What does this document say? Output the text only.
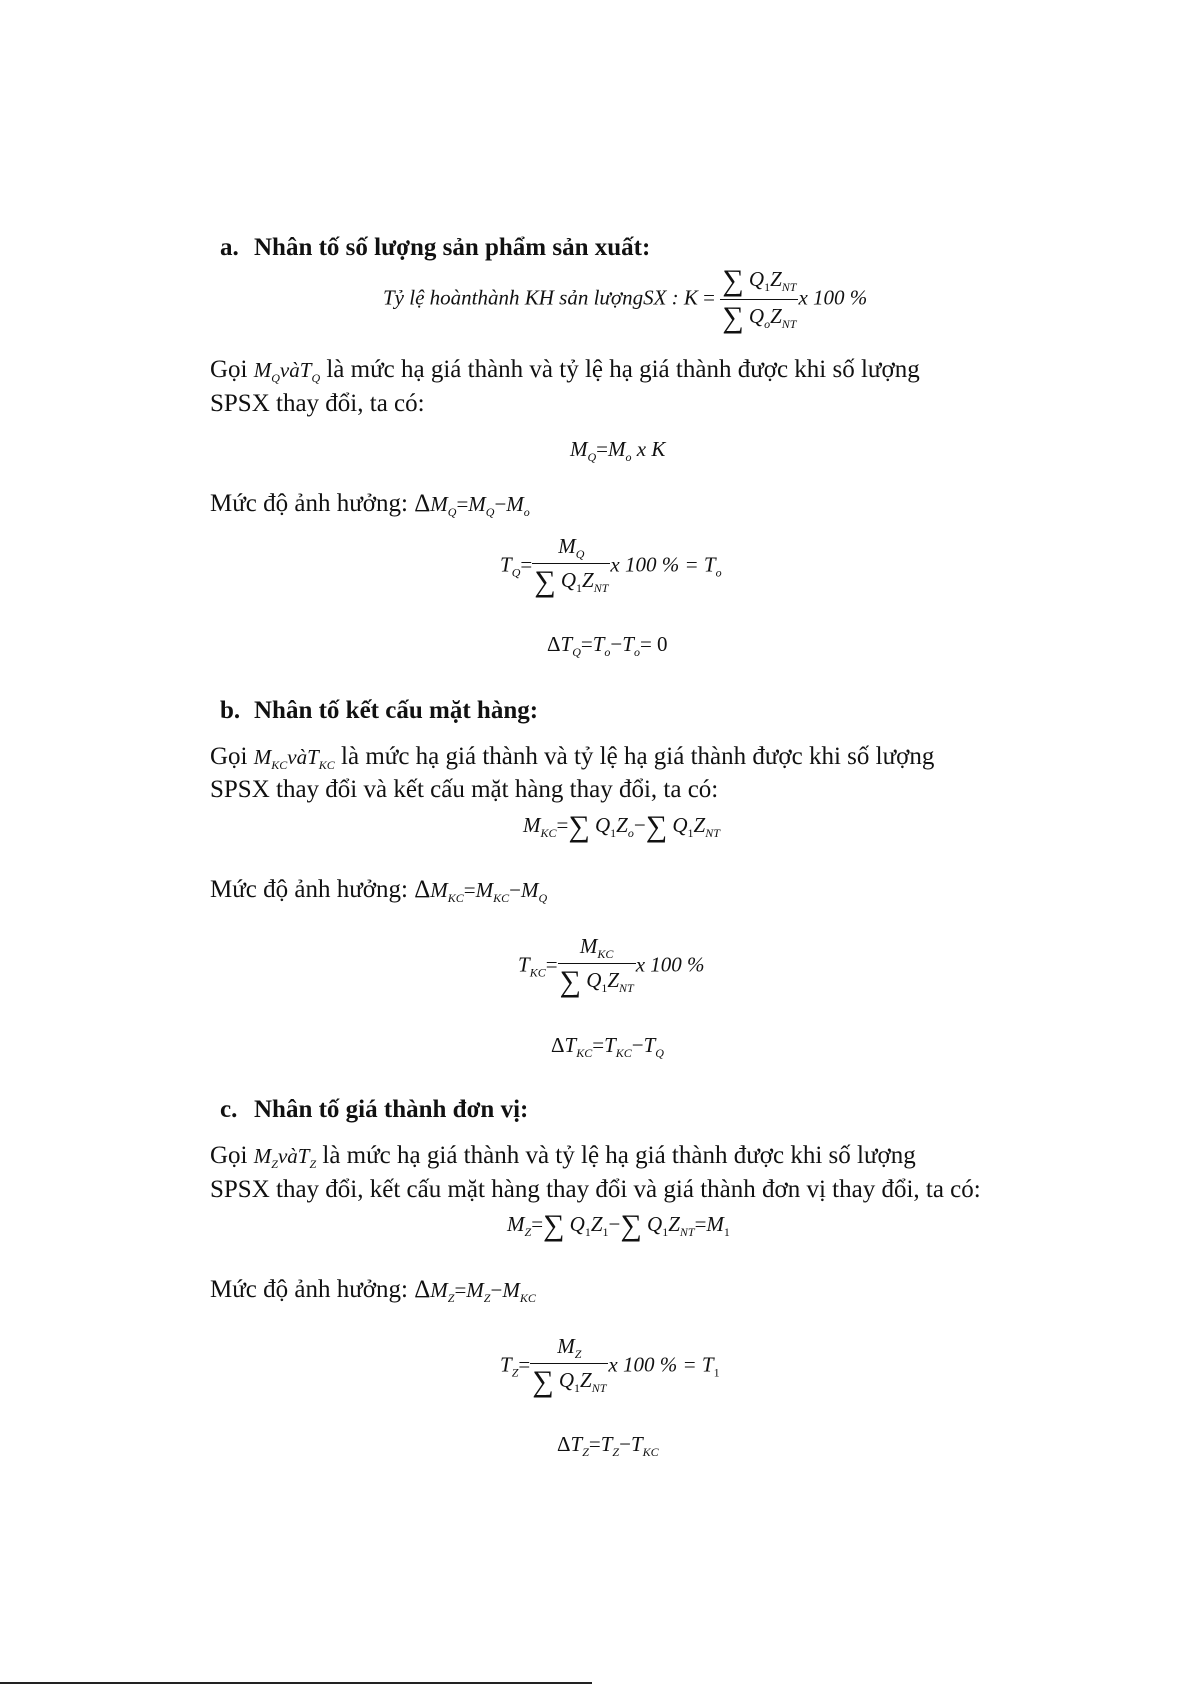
a. Nhân tố số lượng sản phẩm sản xuất:
Tỷ lệ hoànthành KH sản lượngSX : $K = \frac{\sum Q_1Z_{NT}}{\sum Q_oZ_{NT}}$ x 100 %
Gọi $M_QvàT_Q$ là mức hạ giá thành và tỷ lệ hạ giá thành được khi số lượng
SPSX thay đổi, ta có:
$M_Q=M_o$ x K
Mức độ ảnh hưởng: $\Delta M_Q=M_Q-M_o$
$T_Q= \frac{M_Q}{\sum Q_1Z_{NT}}$ x 100 % = $T_o$
$\Delta T_Q=T_o-T_o= 0$
b. Nhân tố kết cấu mặt hàng:
Gọi $M_{KC}vàT_{KC}$ là mức hạ giá thành và tỷ lệ hạ giá thành được khi số lượng
SPSX thay đổi và kết cấu mặt hàng thay đổi, ta có:
$M_{KC}=\sum$ $Q_1Z_o-\sum$ $Q_1Z_{NT}$
Mức độ ảnh hưởng: $\Delta M_{KC}=M_{KC}-M_Q$
$T_{KC}= \frac{M_{KC}}{\sum Q_1Z_{NT}}$ x 100 %
$\Delta T_{KC}=T_{KC}-T_Q$
c. Nhân tố giá thành đơn vị:
Gọi $M_ZvàT_Z$ là mức hạ giá thành và tỷ lệ hạ giá thành được khi số lượng
SPSX thay đổi, kết cấu mặt hàng thay đổi và giá thành đơn vị thay đổi, ta có:
$M_Z=\sum$ $Q_1Z_1-\sum$ $Q_1Z_{NT}=M_1$
Mức độ ảnh hưởng: $\Delta M_Z=M_Z-M_{KC}$
$T_Z= \frac{M_Z}{\sum Q_1Z_{NT}}$ x 100 % = $T_1$
$\Delta T_Z=T_Z-T_{KC}$
